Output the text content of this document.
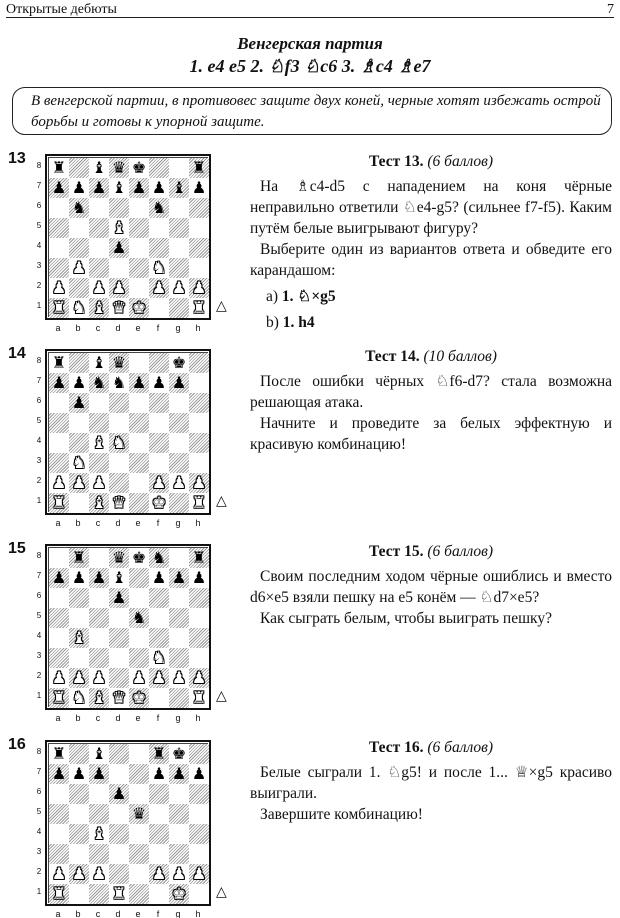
Открытые дебюты	7
Венгерская партия
1. e4 e5 2. ♘f3 ♘c6 3. ♗c4 ♗e7
В венгерской партии, в противовес защите двух коней, черные хотят избежать острой борьбы и готовы к упорной защите.
13 8
7
6
5
4
3
2
1
♜ ♝ ♛ ♚	♜
♟ ♟ ♟ ♝ ♟ ♟ ♝ ♟
♞	♞
♝
♟
♟	♞
♟ ♟ ♟ ♟ ♟ ♟
♜ ♞ ♝ ♛ ♚	♜
a	b	c	d	e	f	g	h
△
14 8
7
6
5
4
3
2
1
♜ ♝ ♛	♚
♟ ♟ ♞ ♞ ♟ ♟ ♟
♟
♝ ♞
♞
♟ ♟ ♟	♟ ♟ ♟
♜ ♝ ♛ ♚ ♜
a	b	c	d	e	f	g	h
△
15 8
7
6
5
4
3
2
1
♜ ♛ ♚ ♞ ♜
♟ ♟ ♟ ♝ ♟ ♟ ♟
♟
♞
♝
♞
♟ ♟ ♟ ♟ ♟ ♟ ♟
♜ ♞ ♝ ♛ ♚	♜
a	b	c	d	e	f	g	h
△
16 8
7
6
5
4
3
2
1
♜ ♝	♜ ♚
♟ ♟ ♟	♟ ♟ ♟
♟
♛
♝
♟ ♟ ♟	♟ ♟ ♟
♜	♜	♚
a	b	c	d	e	f	g	h
△
Тест 13. (6 баллов)

На ♗c4-d5 с нападением на коня чёрные неправильно ответили ♘e4-g5? (сильнее f7-f5). Каким путём белые выигрывают фигуру?

Выберите один из вариантов ответа и обведите его карандашом:

a) 1. ♘×g5
b) 1. h4
Тест 14. (10 баллов)

После ошибки чёрных ♘f6-d7? стала возможна решающая атака.

Начните и проведите за белых эффектную и красивую комбинацию!

Тест 15. (6 баллов)

Своим последним ходом чёрные ошиблись и вместо d6×e5 взяли пешку на e5 конём — ♘d7×e5?

Как сыграть белым, чтобы выиграть пешку?

Тест 16. (6 баллов)

Белые сыграли 1. ♘g5! и после 1... ♕×g5 красиво выиграли.

Завершите комбинацию!
